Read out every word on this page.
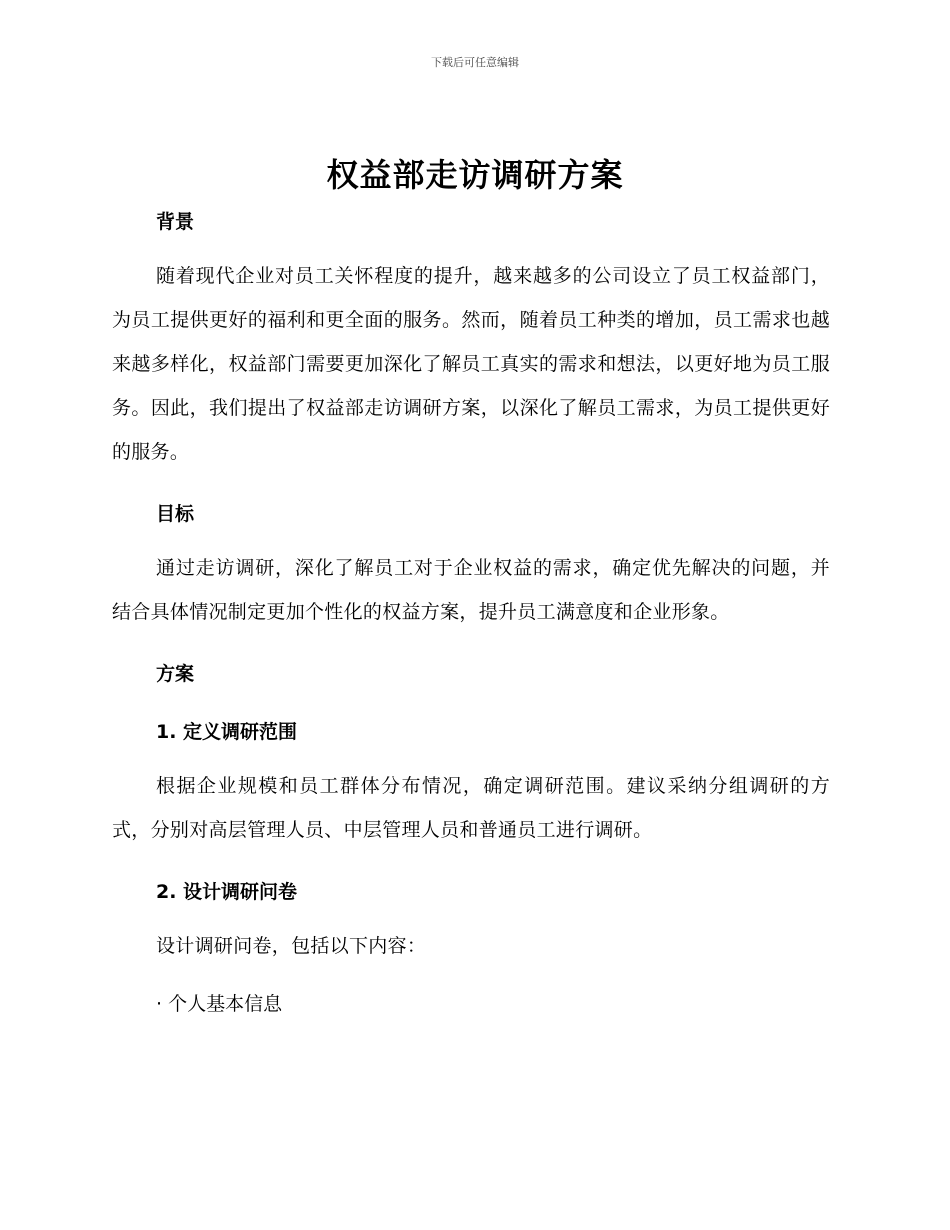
下载后可任意编辑
权益部走访调研方案

背景

随着现代企业对员工关怀程度的提升，越来越多的公司设立了员工权益部门，为员工提供更好的福利和更全面的服务。然而，随着员工种类的增加，员工需求也越来越多样化，权益部门需要更加深化了解员工真实的需求和想法，以更好地为员工服务。因此，我们提出了权益部走访调研方案，以深化了解员工需求，为员工提供更好的服务。

目标

通过走访调研，深化了解员工对于企业权益的需求，确定优先解决的问题，并结合具体情况制定更加个性化的权益方案，提升员工满意度和企业形象。

方案

1. 定义调研范围

根据企业规模和员工群体分布情况，确定调研范围。建议采纳分组调研的方式，分别对高层管理人员、中层管理人员和普通员工进行调研。

2. 设计调研问卷

设计调研问卷，包括以下内容：

· 个人基本信息
